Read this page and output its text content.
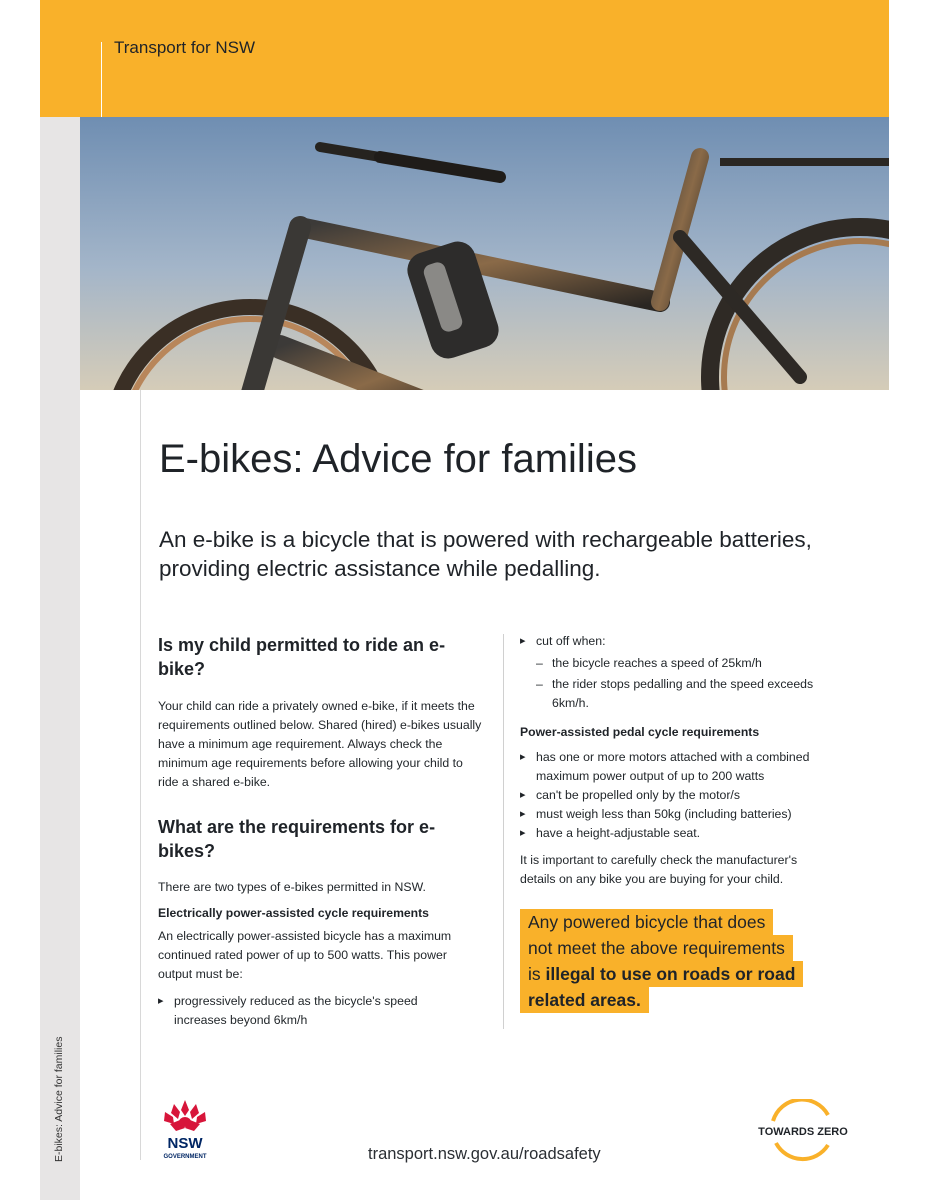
Transport for NSW
E-bikes: Advice for families
E-bikes: Advice for families

An e-bike is a bicycle that is powered with rechargeable batteries, providing electric assistance while pedalling.

Is my child permitted to ride an e-bike?

Your child can ride a privately owned e-bike, if it meets the requirements outlined below. Shared (hired) e-bikes usually have a minimum age requirement. Always check the minimum age requirements before allowing your child to ride a shared e-bike.

What are the requirements for e-bikes?

There are two types of e-bikes permitted in NSW.

Electrically power-assisted cycle requirements

An electrically power-assisted bicycle has a maximum continued rated power of up to 500 watts. This power output must be:

▸ progressively reduced as the bicycle's speed increases beyond 6km/h
▸ cut off when:
– the bicycle reaches a speed of 25km/h
– the rider stops pedalling and the speed exceeds 6km/h.
Power-assisted pedal cycle requirements
▸ has one or more motors attached with a combined maximum power output of up to 200 watts
▸ can't be propelled only by the motor/s
▸ must weigh less than 50kg (including batteries)
▸ have a height-adjustable seat.

It is important to carefully check the manufacturer's details on any bike you are buying for your child.

Any powered bicycle that does
not meet the above requirements
is illegal to use on roads or road
related areas.
NSW
GOVERNMENT	transport.nsw.gov.au/roadsafety
TOWARDS ZERO
